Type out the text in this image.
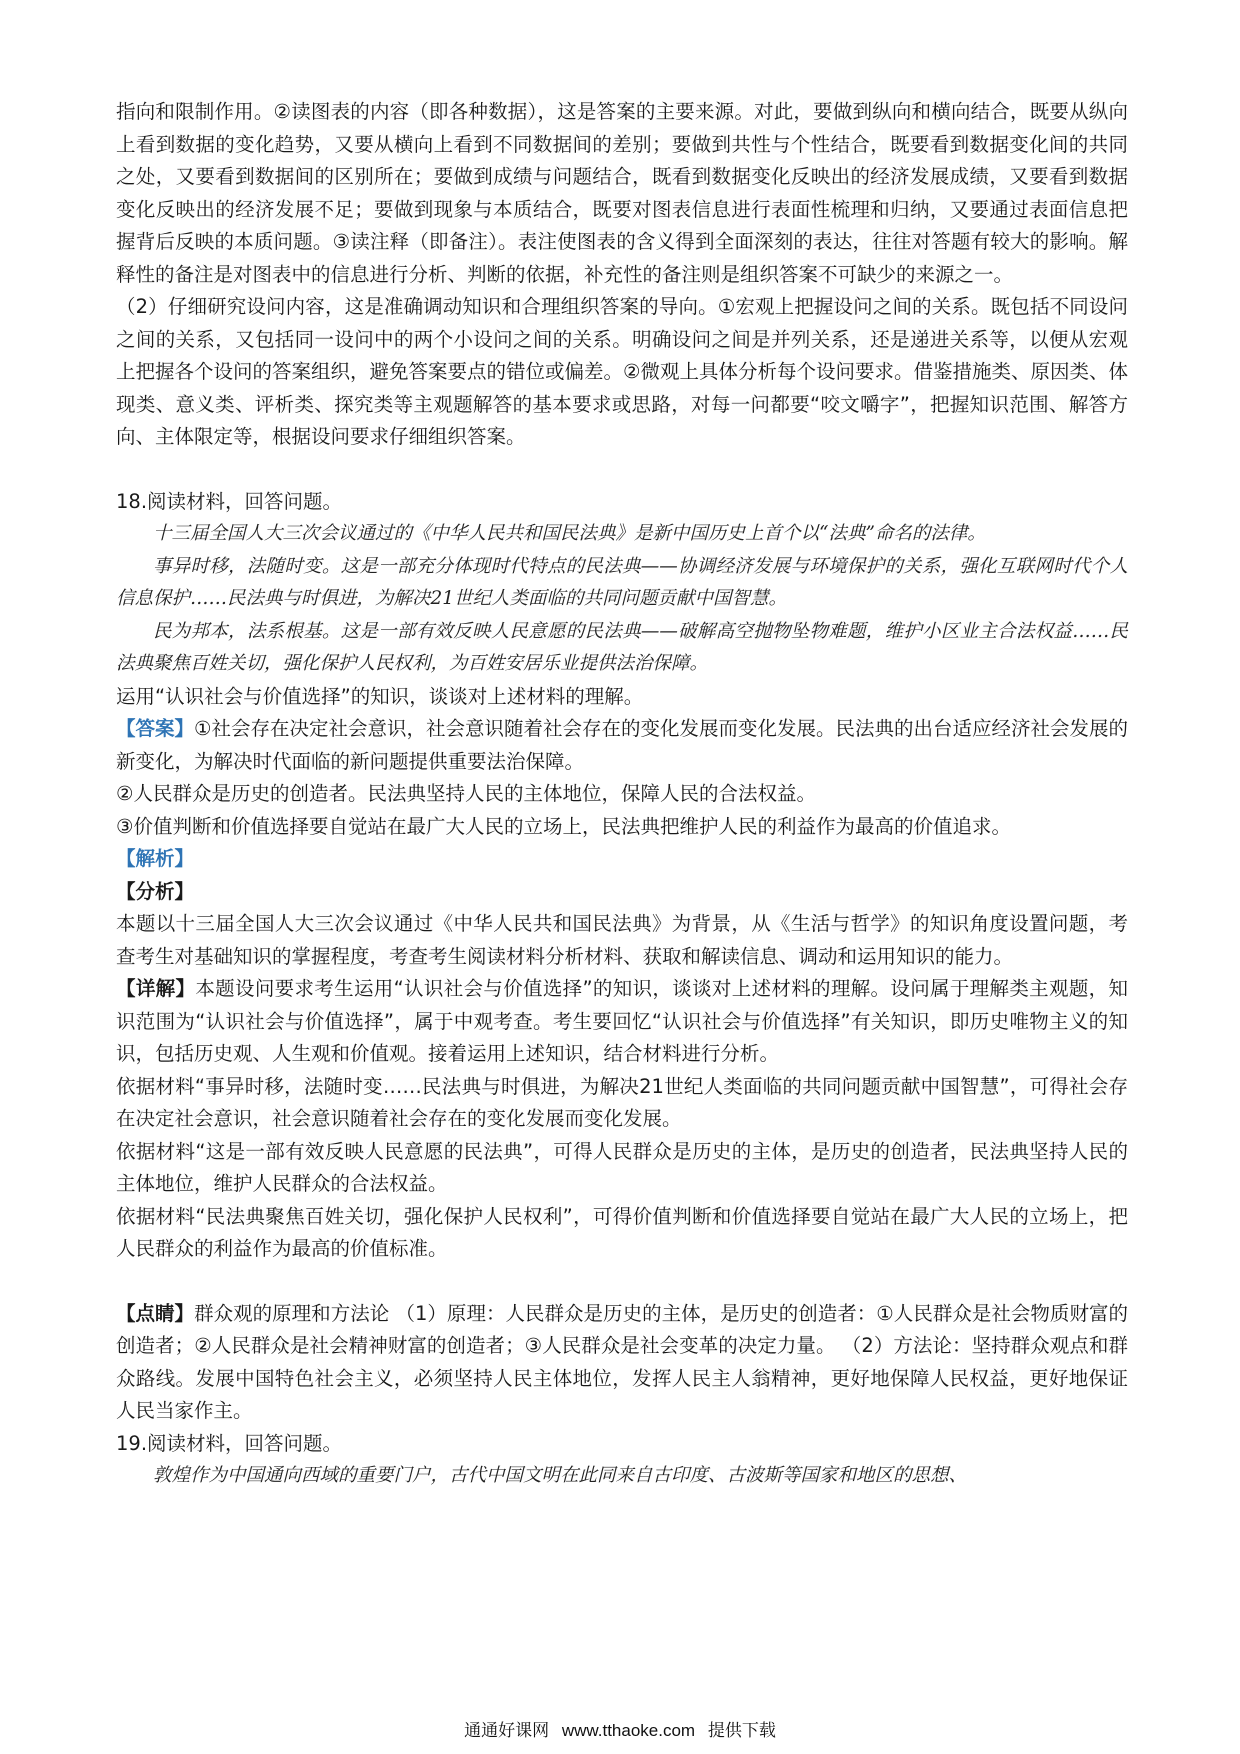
指向和限制作用。②读图表的内容（即各种数据），这是答案的主要来源。对此，要做到纵向和横向结合，既要从纵向上看到数据的变化趋势，又要从横向上看到不同数据间的差别；要做到共性与个性结合，既要看到数据变化间的共同之处，又要看到数据间的区别所在；要做到成绩与问题结合，既看到数据变化反映出的经济发展成绩，又要看到数据变化反映出的经济发展不足；要做到现象与本质结合，既要对图表信息进行表面性梳理和归纳，又要通过表面信息把握背后反映的本质问题。③读注释（即备注）。表注使图表的含义得到全面深刻的表达，往往对答题有较大的影响。解释性的备注是对图表中的信息进行分析、判断的依据，补充性的备注则是组织答案不可缺少的来源之一。

（2）仔细研究设问内容，这是准确调动知识和合理组织答案的导向。①宏观上把握设问之间的关系。既包括不同设问之间的关系，又包括同一设问中的两个小设问之间的关系。明确设问之间是并列关系，还是递进关系等，以便从宏观上把握各个设问的答案组织，避免答案要点的错位或偏差。②微观上具体分析每个设问要求。借鉴措施类、原因类、体现类、意义类、评析类、探究类等主观题解答的基本要求或思路，对每一问都要“咬文嚼字”，把握知识范围、解答方向、主体限定等，根据设问要求仔细组织答案。

18.阅读材料，回答问题。

十三届全国人大三次会议通过的《中华人民共和国民法典》是新中国历史上首个以“法典”命名的法律。

事异时移，法随时变。这是一部充分体现时代特点的民法典——协调经济发展与环境保护的关系，强化互联网时代个人信息保护……民法典与时俱进，为解决21世纪人类面临的共同问题贡献中国智慧。

民为邦本，法系根基。这是一部有效反映人民意愿的民法典——破解高空抛物坠物难题，维护小区业主合法权益……民法典聚焦百姓关切，强化保护人民权利，为百姓安居乐业提供法治保障。

运用“认识社会与价值选择”的知识，谈谈对上述材料的理解。

【答案】①社会存在决定社会意识，社会意识随着社会存在的变化发展而变化发展。民法典的出台适应经济社会发展的新变化，为解决时代面临的新问题提供重要法治保障。

②人民群众是历史的创造者。民法典坚持人民的主体地位，保障人民的合法权益。

③价值判断和价值选择要自觉站在最广大人民的立场上，民法典把维护人民的利益作为最高的价值追求。

【解析】

【分析】

本题以十三届全国人大三次会议通过《中华人民共和国民法典》为背景，从《生活与哲学》的知识角度设置问题，考查考生对基础知识的掌握程度，考查考生阅读材料分析材料、获取和解读信息、调动和运用知识的能力。

【详解】本题设问要求考生运用“认识社会与价值选择”的知识，谈谈对上述材料的理解。设问属于理解类主观题，知识范围为“认识社会与价值选择”，属于中观考查。考生要回忆“认识社会与价值选择”有关知识，即历史唯物主义的知识，包括历史观、人生观和价值观。接着运用上述知识，结合材料进行分析。

依据材料“事异时移，法随时变……民法典与时俱进，为解决21世纪人类面临的共同问题贡献中国智慧”，可得社会存在决定社会意识，社会意识随着社会存在的变化发展而变化发展。

依据材料“这是一部有效反映人民意愿的民法典”，可得人民群众是历史的主体，是历史的创造者，民法典坚持人民的主体地位，维护人民群众的合法权益。

依据材料“民法典聚焦百姓关切，强化保护人民权利”，可得价值判断和价值选择要自觉站在最广大人民的立场上，把人民群众的利益作为最高的价值标准。

【点睛】群众观的原理和方法论 （1）原理：人民群众是历史的主体，是历史的创造者：①人民群众是社会物质财富的创造者；②人民群众是社会精神财富的创造者；③人民群众是社会变革的决定力量。 （2）方法论：坚持群众观点和群众路线。发展中国特色社会主义，必须坚持人民主体地位，发挥人民主人翁精神，更好地保障人民权益，更好地保证人民当家作主。

19.阅读材料，回答问题。

敦煌作为中国通向西域的重要门户，古代中国文明在此同来自古印度、古波斯等国家和地区的思想、

通通好课网 www.tthaoke.com 提供下载
